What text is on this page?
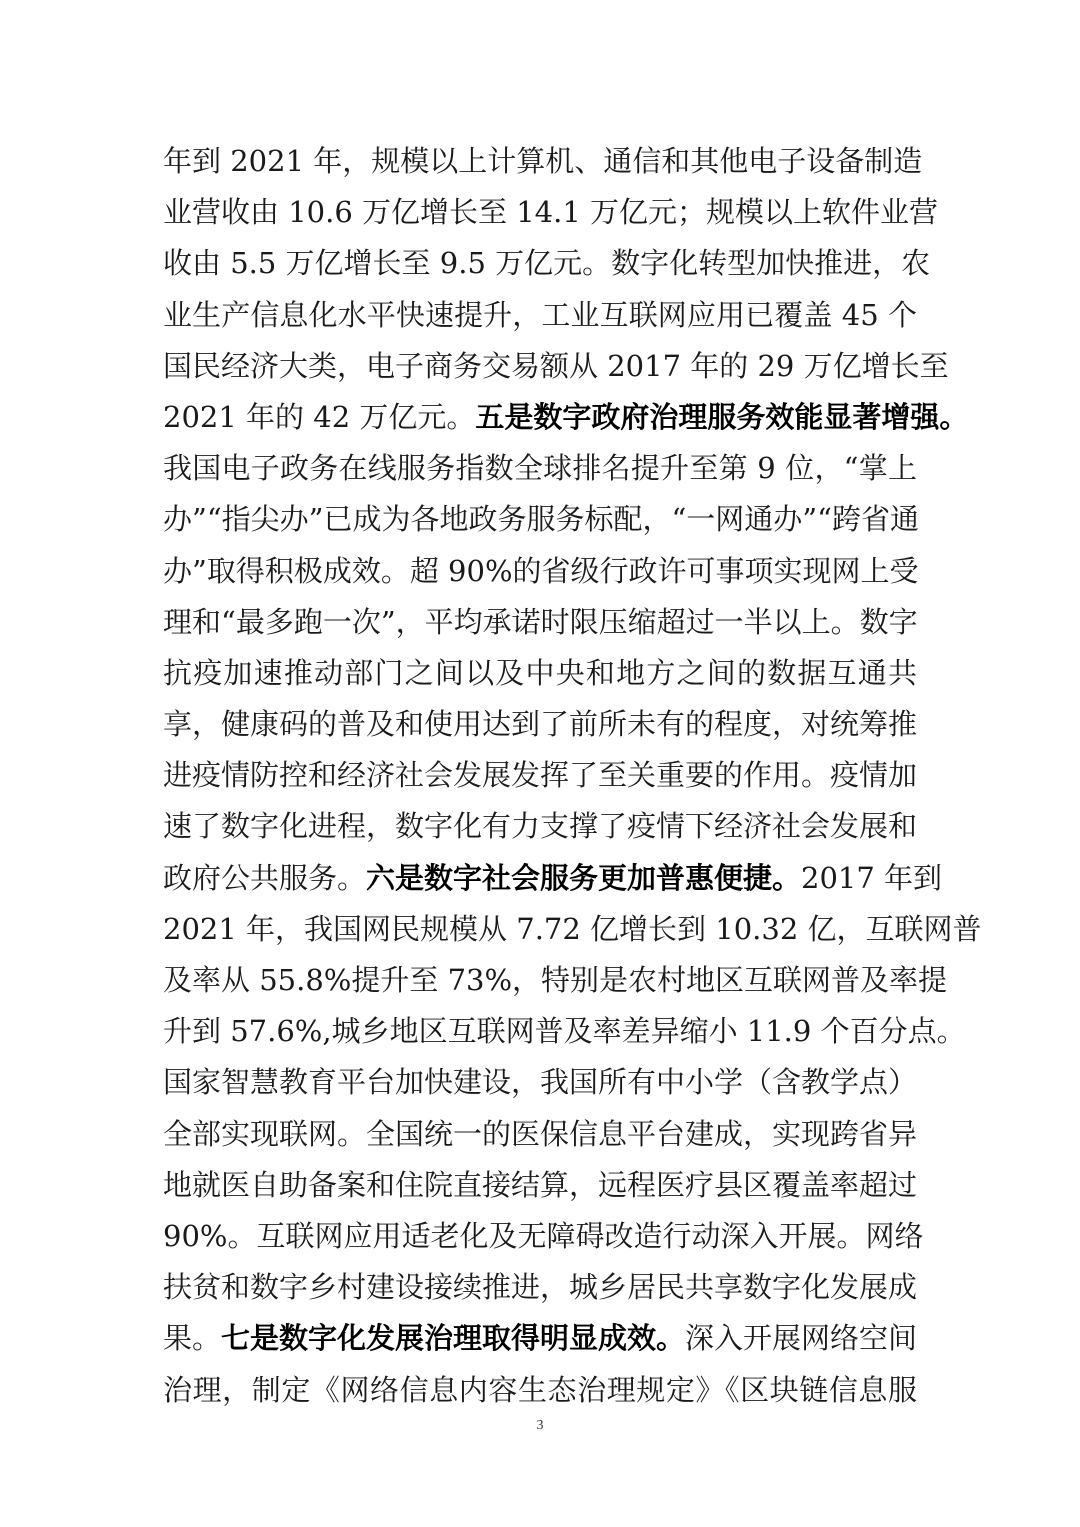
年到 2021 年，规模以上计算机、通信和其他电子设备制造
业营收由 10.6 万亿增长至 14.1 万亿元；规模以上软件业营
收由 5.5 万亿增长至 9.5 万亿元。数字化转型加快推进，农
业生产信息化水平快速提升，工业互联网应用已覆盖 45 个
国民经济大类，电子商务交易额从 2017 年的 29 万亿增长至
2021 年的 42 万亿元。五是数字政府治理服务效能显著增强。
我国电子政务在线服务指数全球排名提升至第 9 位，“掌上
办”“指尖办”已成为各地政务服务标配，“一网通办”“跨省通
办”取得积极成效。超 90%的省级行政许可事项实现网上受
理和“最多跑一次”，平均承诺时限压缩超过一半以上。数字
抗疫加速推动部门之间以及中央和地方之间的数据互通共
享，健康码的普及和使用达到了前所未有的程度，对统筹推
进疫情防控和经济社会发展发挥了至关重要的作用。疫情加
速了数字化进程，数字化有力支撑了疫情下经济社会发展和
政府公共服务。六是数字社会服务更加普惠便捷。2017 年到
2021 年，我国网民规模从 7.72 亿增长到 10.32 亿，互联网普
及率从 55.8%提升至 73%，特别是农村地区互联网普及率提
升到 57.6%,城乡地区互联网普及率差异缩小 11.9 个百分点。
国家智慧教育平台加快建设，我国所有中小学（含教学点）
全部实现联网。全国统一的医保信息平台建成，实现跨省异
地就医自助备案和住院直接结算，远程医疗县区覆盖率超过
90%。互联网应用适老化及无障碍改造行动深入开展。网络
扶贫和数字乡村建设接续推进，城乡居民共享数字化发展成
果。七是数字化发展治理取得明显成效。深入开展网络空间
治理，制定《网络信息内容生态治理规定》《区块链信息服
3
